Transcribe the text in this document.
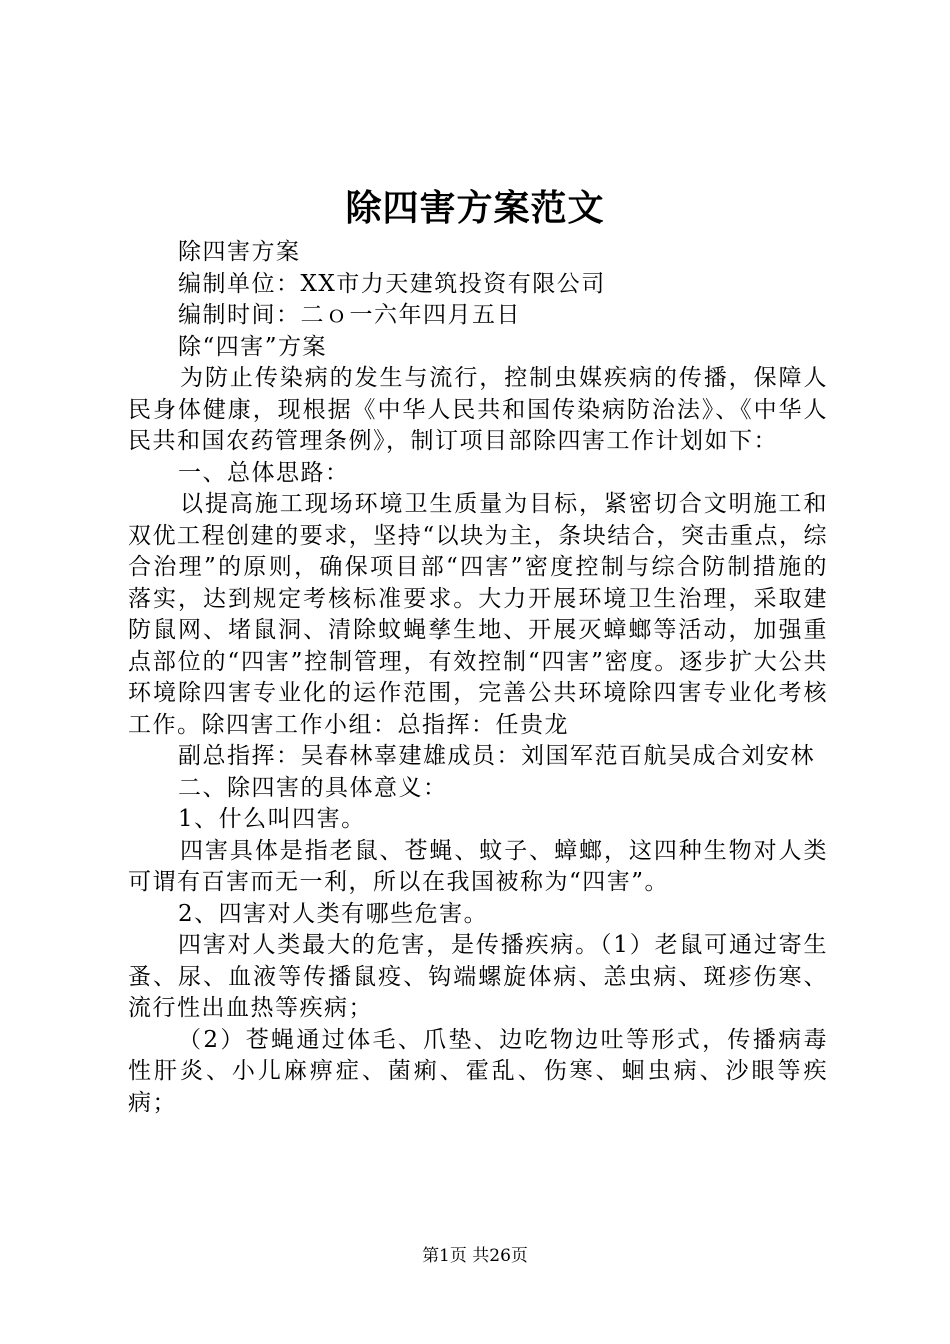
除四害方案范文

除四害方案

编制单位：XX市力天建筑投资有限公司

编制时间：二ｏ一六年四月五日

除“四害”方案

为防止传染病的发生与流行，控制虫媒疾病的传播，保障人民身体健康，现根据《中华人民共和国传染病防治法》、《中华人民共和国农药管理条例》，制订项目部除四害工作计划如下：

一、总体思路：

以提高施工现场环境卫生质量为目标，紧密切合文明施工和双优工程创建的要求，坚持“以块为主，条块结合，突击重点，综合治理”的原则，确保项目部“四害”密度控制与综合防制措施的落实，达到规定考核标准要求。大力开展环境卫生治理，采取建防鼠网、堵鼠洞、清除蚊蝇孳生地、开展灭蟑螂等活动，加强重点部位的“四害”控制管理，有效控制“四害”密度。逐步扩大公共环境除四害专业化的运作范围，完善公共环境除四害专业化考核工作。除四害工作小组：总指挥：任贵龙

副总指挥：吴春林辜建雄成员：刘国军范百航吴成合刘安林

二、除四害的具体意义：

1、什么叫四害。

四害具体是指老鼠、苍蝇、蚊子、蟑螂，这四种生物对人类可谓有百害而无一利，所以在我国被称为“四害”。

2、四害对人类有哪些危害。

四害对人类最大的危害，是传播疾病。（1）老鼠可通过寄生蚤、尿、血液等传播鼠疫、钩端螺旋体病、恙虫病、斑疹伤寒、流行性出血热等疾病；

（2）苍蝇通过体毛、爪垫、边吃物边吐等形式，传播病毒性肝炎、小儿麻痹症、菌痢、霍乱、伤寒、蛔虫病、沙眼等疾病；

第1页 共26页
